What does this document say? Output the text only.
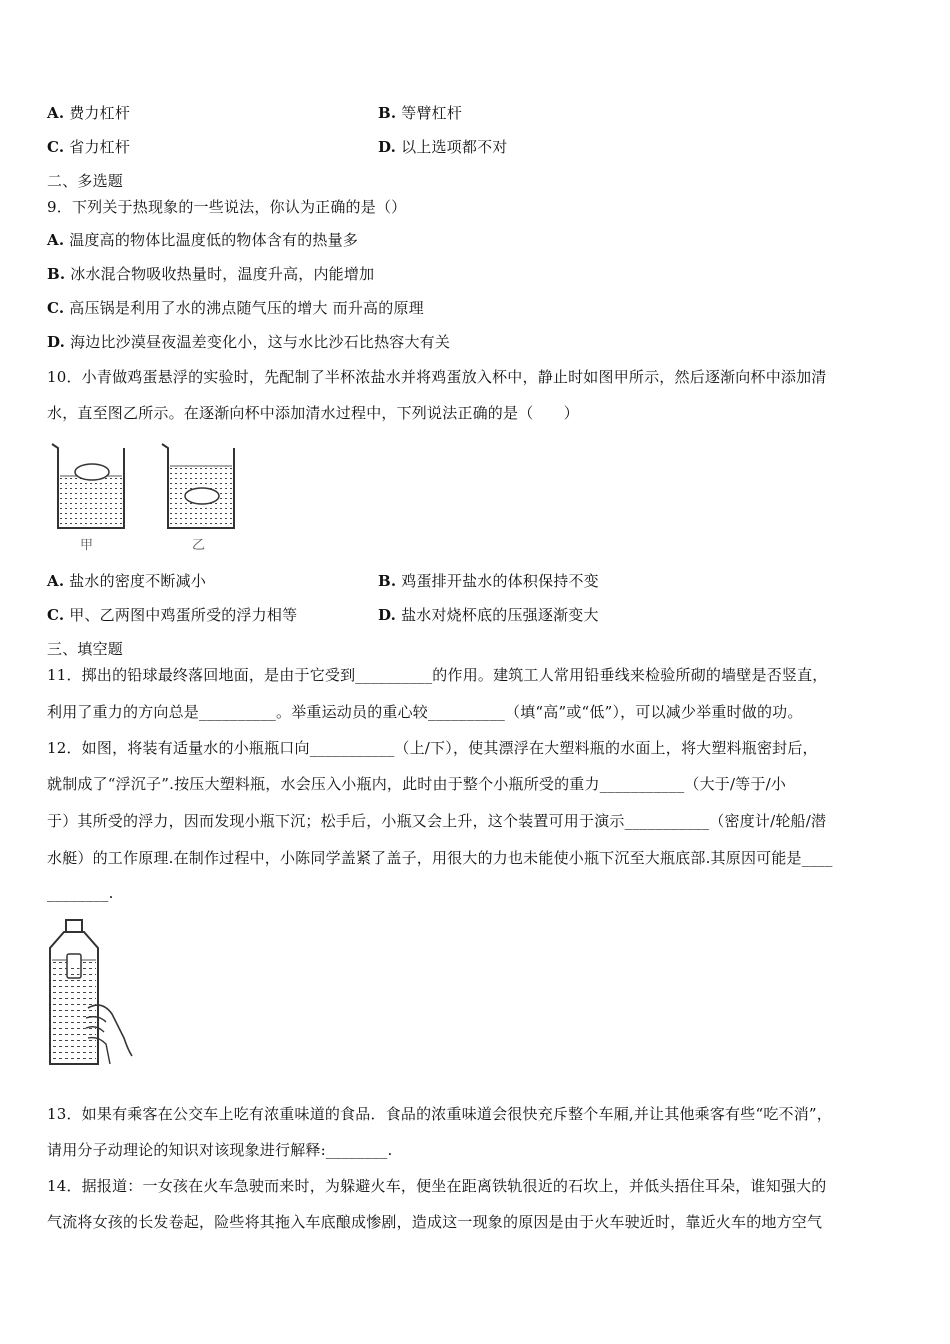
A. 费力杠杆	B. 等臂杠杆
C. 省力杠杆	D. 以上选项都不对
二、多选题
9．下列关于热现象的一些说法，你认为正确的是（）
A. 温度高的物体比温度低的物体含有的热量多
B. 冰水混合物吸收热量时，温度升高，内能增加
C. 高压锅是利用了水的沸点随气压的增大 而升高的原理
D. 海边比沙漠昼夜温差变化小，这与水比沙石比热容大有关
10．小青做鸡蛋悬浮的实验时，先配制了半杯浓盐水并将鸡蛋放入杯中，静止时如图甲所示，然后逐渐向杯中添加清
水，直至图乙所示。在逐渐向杯中添加清水过程中，下列说法正确的是（　　）
甲	乙
A. 盐水的密度不断减小	B. 鸡蛋排开盐水的体积保持不变
C. 甲、乙两图中鸡蛋所受的浮力相等	D. 盐水对烧杯底的压强逐渐变大
三、填空题
11．掷出的铅球最终落回地面，是由于它受到__________的作用。建筑工人常用铅垂线来检验所砌的墙壁是否竖直，
利用了重力的方向总是__________。举重运动员的重心较__________（填“高”或“低”），可以减少举重时做的功。
12．如图，将装有适量水的小瓶瓶口向___________（上/下），使其漂浮在大塑料瓶的水面上，将大塑料瓶密封后，
就制成了“浮沉子”.按压大塑料瓶，水会压入小瓶内，此时由于整个小瓶所受的重力___________（大于/等于/小
于）其所受的浮力，因而发现小瓶下沉；松手后，小瓶又会上升，这个装置可用于演示___________（密度计/轮船/潜
水艇）的工作原理.在制作过程中，小陈同学盖紧了盖子，用很大的力也未能使小瓶下沉至大瓶底部.其原因可能是____
________.
13．如果有乘客在公交车上吃有浓重味道的食品．食品的浓重味道会很快充斥整个车厢,并让其他乘客有些“吃不消”，
请用分子动理论的知识对该现象进行解释:________.
14．据报道：一女孩在火车急驶而来时，为躲避火车，便坐在距离铁轨很近的石坎上，并低头捂住耳朵，谁知强大的
气流将女孩的长发卷起，险些将其拖入车底酿成惨剧，造成这一现象的原因是由于火车驶近时，靠近火车的地方空气
